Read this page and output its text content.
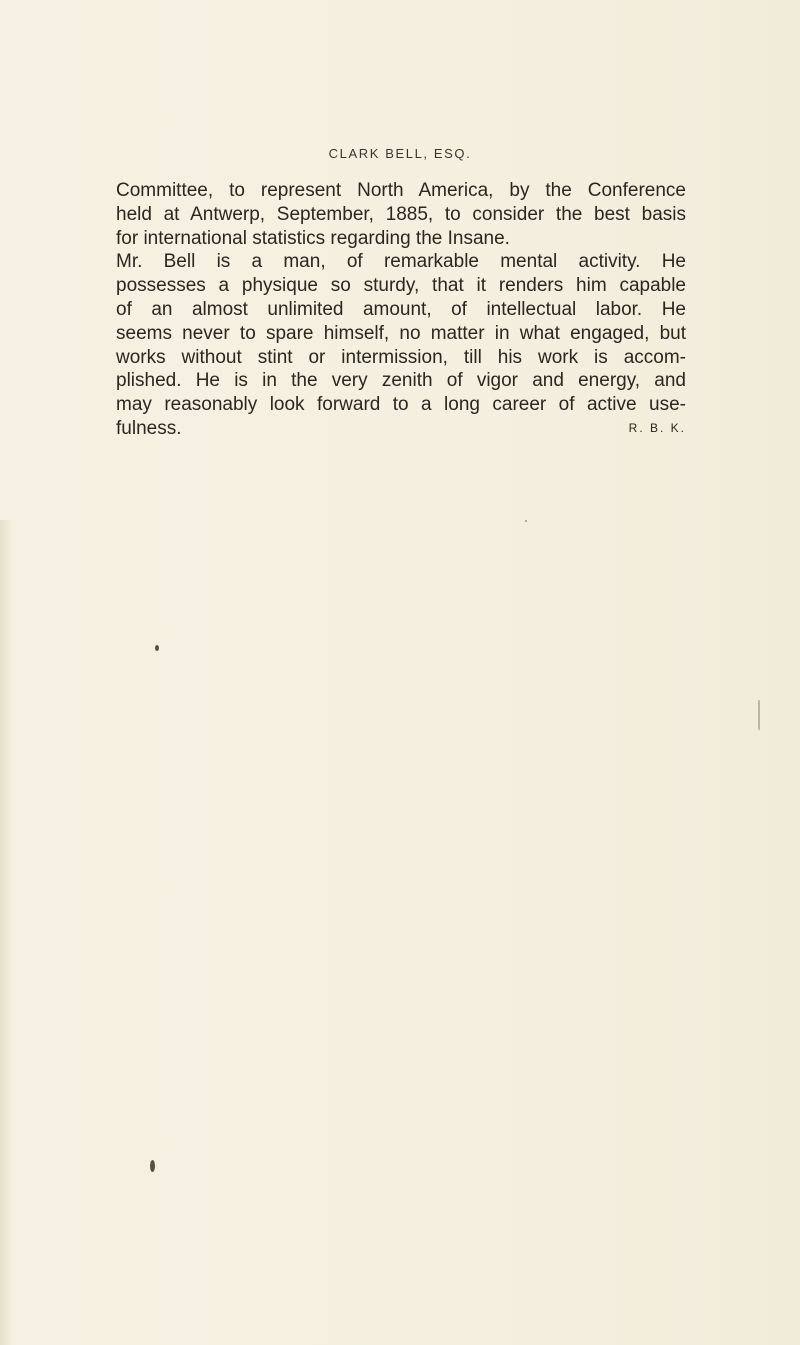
CLARK BELL, ESQ.
Committee, to represent North America, by the Conference
held at Antwerp, September, 1885, to consider the best basis
for international statistics regarding the Insane.
Mr. Bell is a man, of remarkable mental activity. He
possesses a physique so sturdy, that it renders him capable
of an almost unlimited amount, of intellectual labor. He
seems never to spare himself, no matter in what engaged, but
works without stint or intermission, till his work is accom-
plished. He is in the very zenith of vigor and energy, and
may reasonably look forward to a long career of active use-
fulness.	R. B. K.
